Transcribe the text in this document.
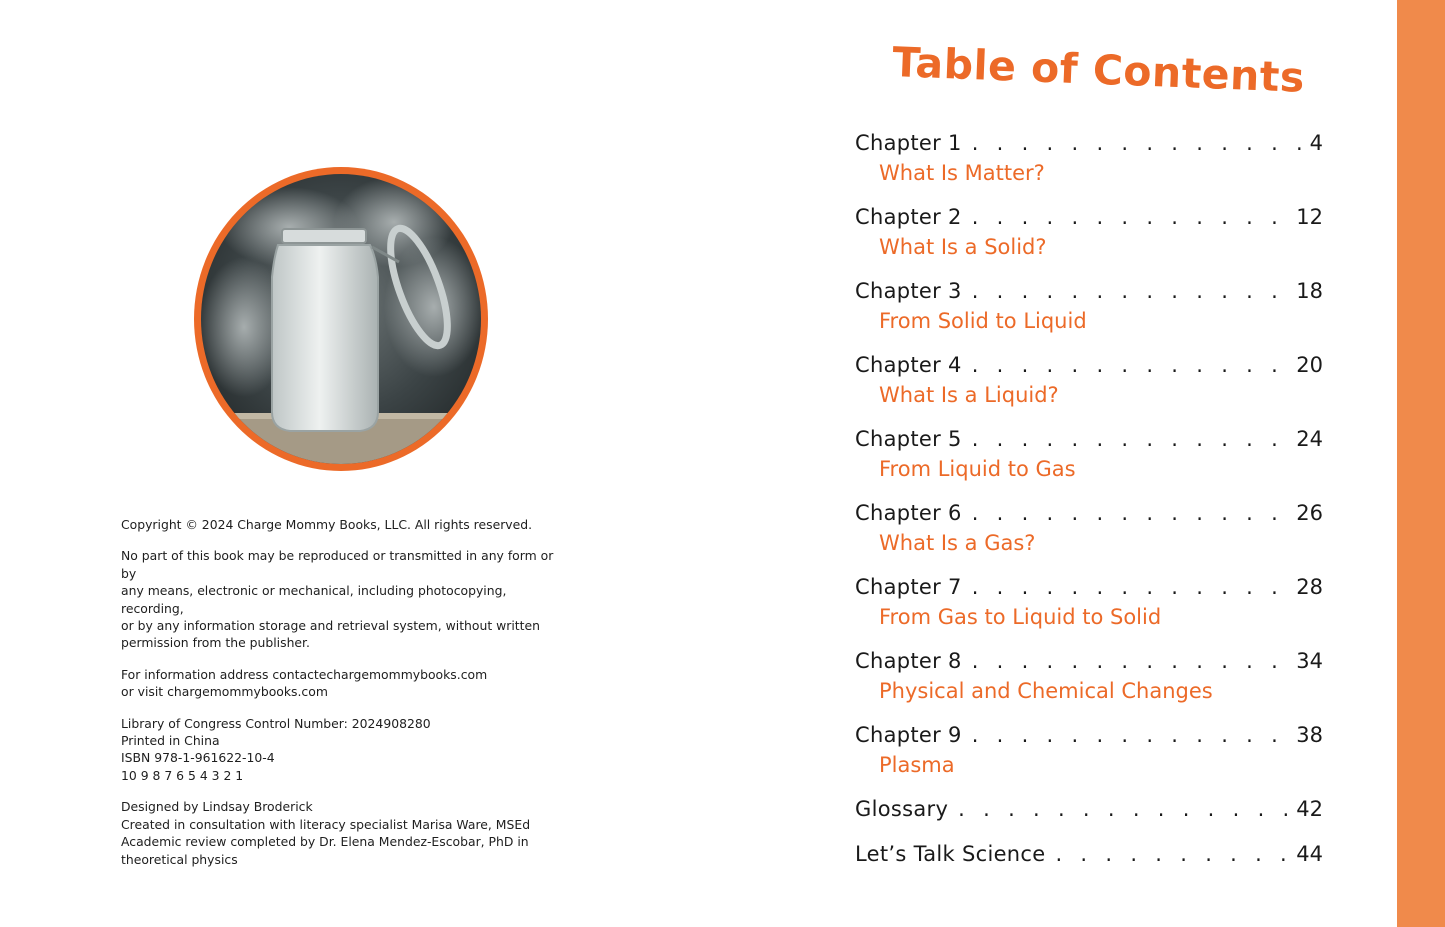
Copyright © 2024 Charge Mommy Books, LLC. All rights reserved.

No part of this book may be reproduced or transmitted in any form or by
any means, electronic or mechanical, including photocopying, recording,
or by any information storage and retrieval system, without written
permission from the publisher.

For information address contactechargemommybooks.com
or visit chargemommybooks.com

Library of Congress Control Number: 2024908280
Printed in China
ISBN 978-1-961622-10-4
10 9 8 7 6 5 4 3 2 1

Designed by Lindsay Broderick
Created in consultation with literacy specialist Marisa Ware, MSEd
Academic review completed by Dr. Elena Mendez-Escobar, PhD in
theoretical physics

Table of Contents
Chapter 1 . . .	4
What Is Matter?
Chapter 2 . . .	12
What Is a Solid?
Chapter 3 . . .	18
From Solid to Liquid
Chapter 4 . . .	20
What Is a Liquid?
Chapter 5 . . .	24
From Liquid to Gas
Chapter 6 . . .	26
What Is a Gas?
Chapter 7 . . .	28
From Gas to Liquid to Solid
Chapter 8 . . .	34
Physical and Chemical Changes
Chapter 9 . . .	38
Plasma
Glossary . . .	42
Let’s Talk Science . . .	44
